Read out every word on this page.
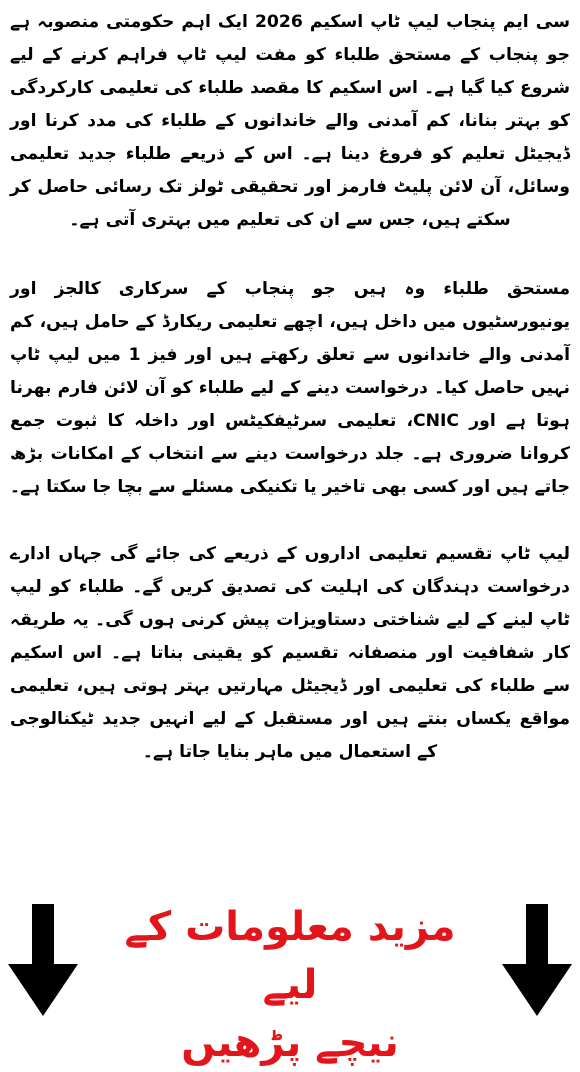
سی ایم پنجاب لیپ ٹاپ اسکیم 2026 ایک اہم حکومتی منصوبہ ہے جو پنجاب کے مستحق طلباء کو مفت لیپ ٹاپ فراہم کرنے کے لیے شروع کیا گیا ہے۔ اس اسکیم کا مقصد طلباء کی تعلیمی کارکردگی کو بہتر بنانا، کم آمدنی والے خاندانوں کے طلباء کی مدد کرنا اور ڈیجیٹل تعلیم کو فروغ دینا ہے۔ اس کے ذریعے طلباء جدید تعلیمی وسائل، آن لائن پلیٹ فارمز اور تحقیقی ٹولز تک رسائی حاصل کر سکتے ہیں، جس سے ان کی تعلیم میں بہتری آتی ہے۔

مستحق طلباء وہ ہیں جو پنجاب کے سرکاری کالجز اور یونیورسٹیوں میں داخل ہیں، اچھے تعلیمی ریکارڈ کے حامل ہیں، کم آمدنی والے خاندانوں سے تعلق رکھتے ہیں اور فیز 1 میں لیپ ٹاپ نہیں حاصل کیا۔ درخواست دینے کے لیے طلباء کو آن لائن فارم بھرنا ہوتا ہے اور CNIC، تعلیمی سرٹیفکیٹس اور داخلہ کا ثبوت جمع کروانا ضروری ہے۔ جلد درخواست دینے سے انتخاب کے امکانات بڑھ جاتے ہیں اور کسی بھی تاخیر یا تکنیکی مسئلے سے بچا جا سکتا ہے۔

لیپ ٹاپ تقسیم تعلیمی اداروں کے ذریعے کی جائے گی جہاں ادارے درخواست دہندگان کی اہلیت کی تصدیق کریں گے۔ طلباء کو لیپ ٹاپ لینے کے لیے شناختی دستاویزات پیش کرنی ہوں گی۔ یہ طریقہ کار شفافیت اور منصفانہ تقسیم کو یقینی بناتا ہے۔ اس اسکیم سے طلباء کی تعلیمی اور ڈیجیٹل مہارتیں بہتر ہوتی ہیں، تعلیمی مواقع یکساں بنتے ہیں اور مستقبل کے لیے انہیں جدید ٹیکنالوجی کے استعمال میں ماہر بنایا جاتا ہے۔

مزید معلومات کے لیے
نیچے پڑھیں
